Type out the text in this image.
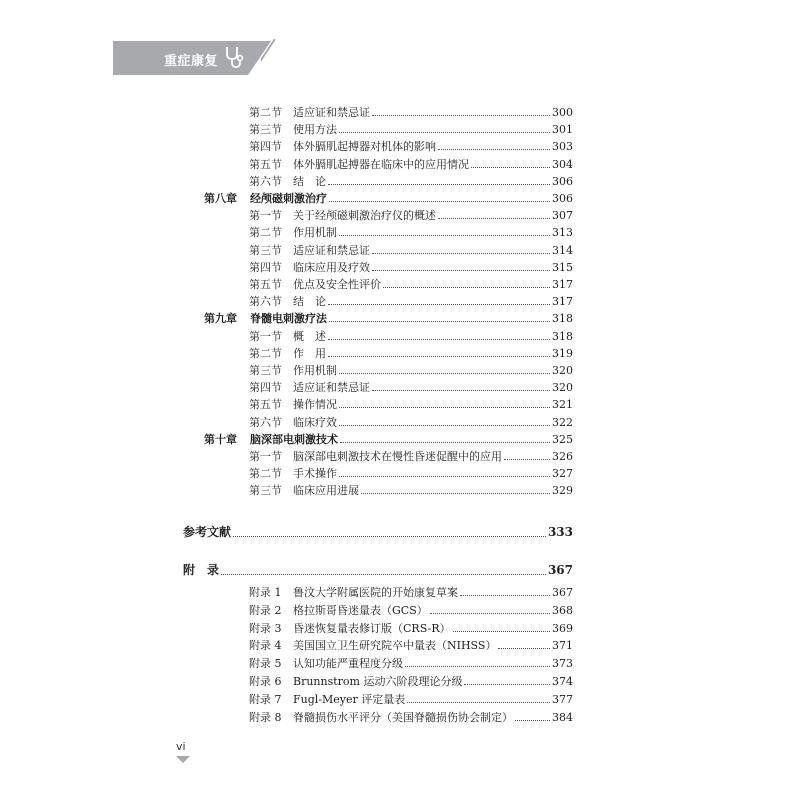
重症康复
第二节	适应证和禁忌证	300
第三节	使用方法	301
第四节	体外膈肌起搏器对机体的影响	303
第五节	体外膈肌起搏器在临床中的应用情况	304
第六节	结　论	306
第八章	经颅磁刺激治疗	306
第一节	关于经颅磁刺激治疗仪的概述	307
第二节	作用机制	313
第三节	适应证和禁忌证	314
第四节	临床应用及疗效	315
第五节	优点及安全性评价	317
第六节	结　论	317
第九章	脊髓电刺激疗法	318
第一节	概　述	318
第二节	作　用	319
第三节	作用机制	320
第四节	适应证和禁忌证	320
第五节	操作情况	321
第六节	临床疗效	322
第十章	脑深部电刺激技术	325
第一节	脑深部电刺激技术在慢性昏迷促醒中的应用	326
第二节	手术操作	327
第三节	临床应用进展	329
参考文献	333
附　录	367
附录 1	鲁汶大学附属医院的开始康复草案	367
附录 2	格拉斯哥昏迷量表（GCS）	368
附录 3	昏迷恢复量表修订版（CRS-R）	369
附录 4	美国国立卫生研究院卒中量表（NIHSS）	371
附录 5	认知功能严重程度分级	373
附录 6	Brunnstrom 运动六阶段理论分级	374
附录 7	Fugl-Meyer 评定量表	377
附录 8	脊髓损伤水平评分（美国脊髓损伤协会制定）	384
vi
